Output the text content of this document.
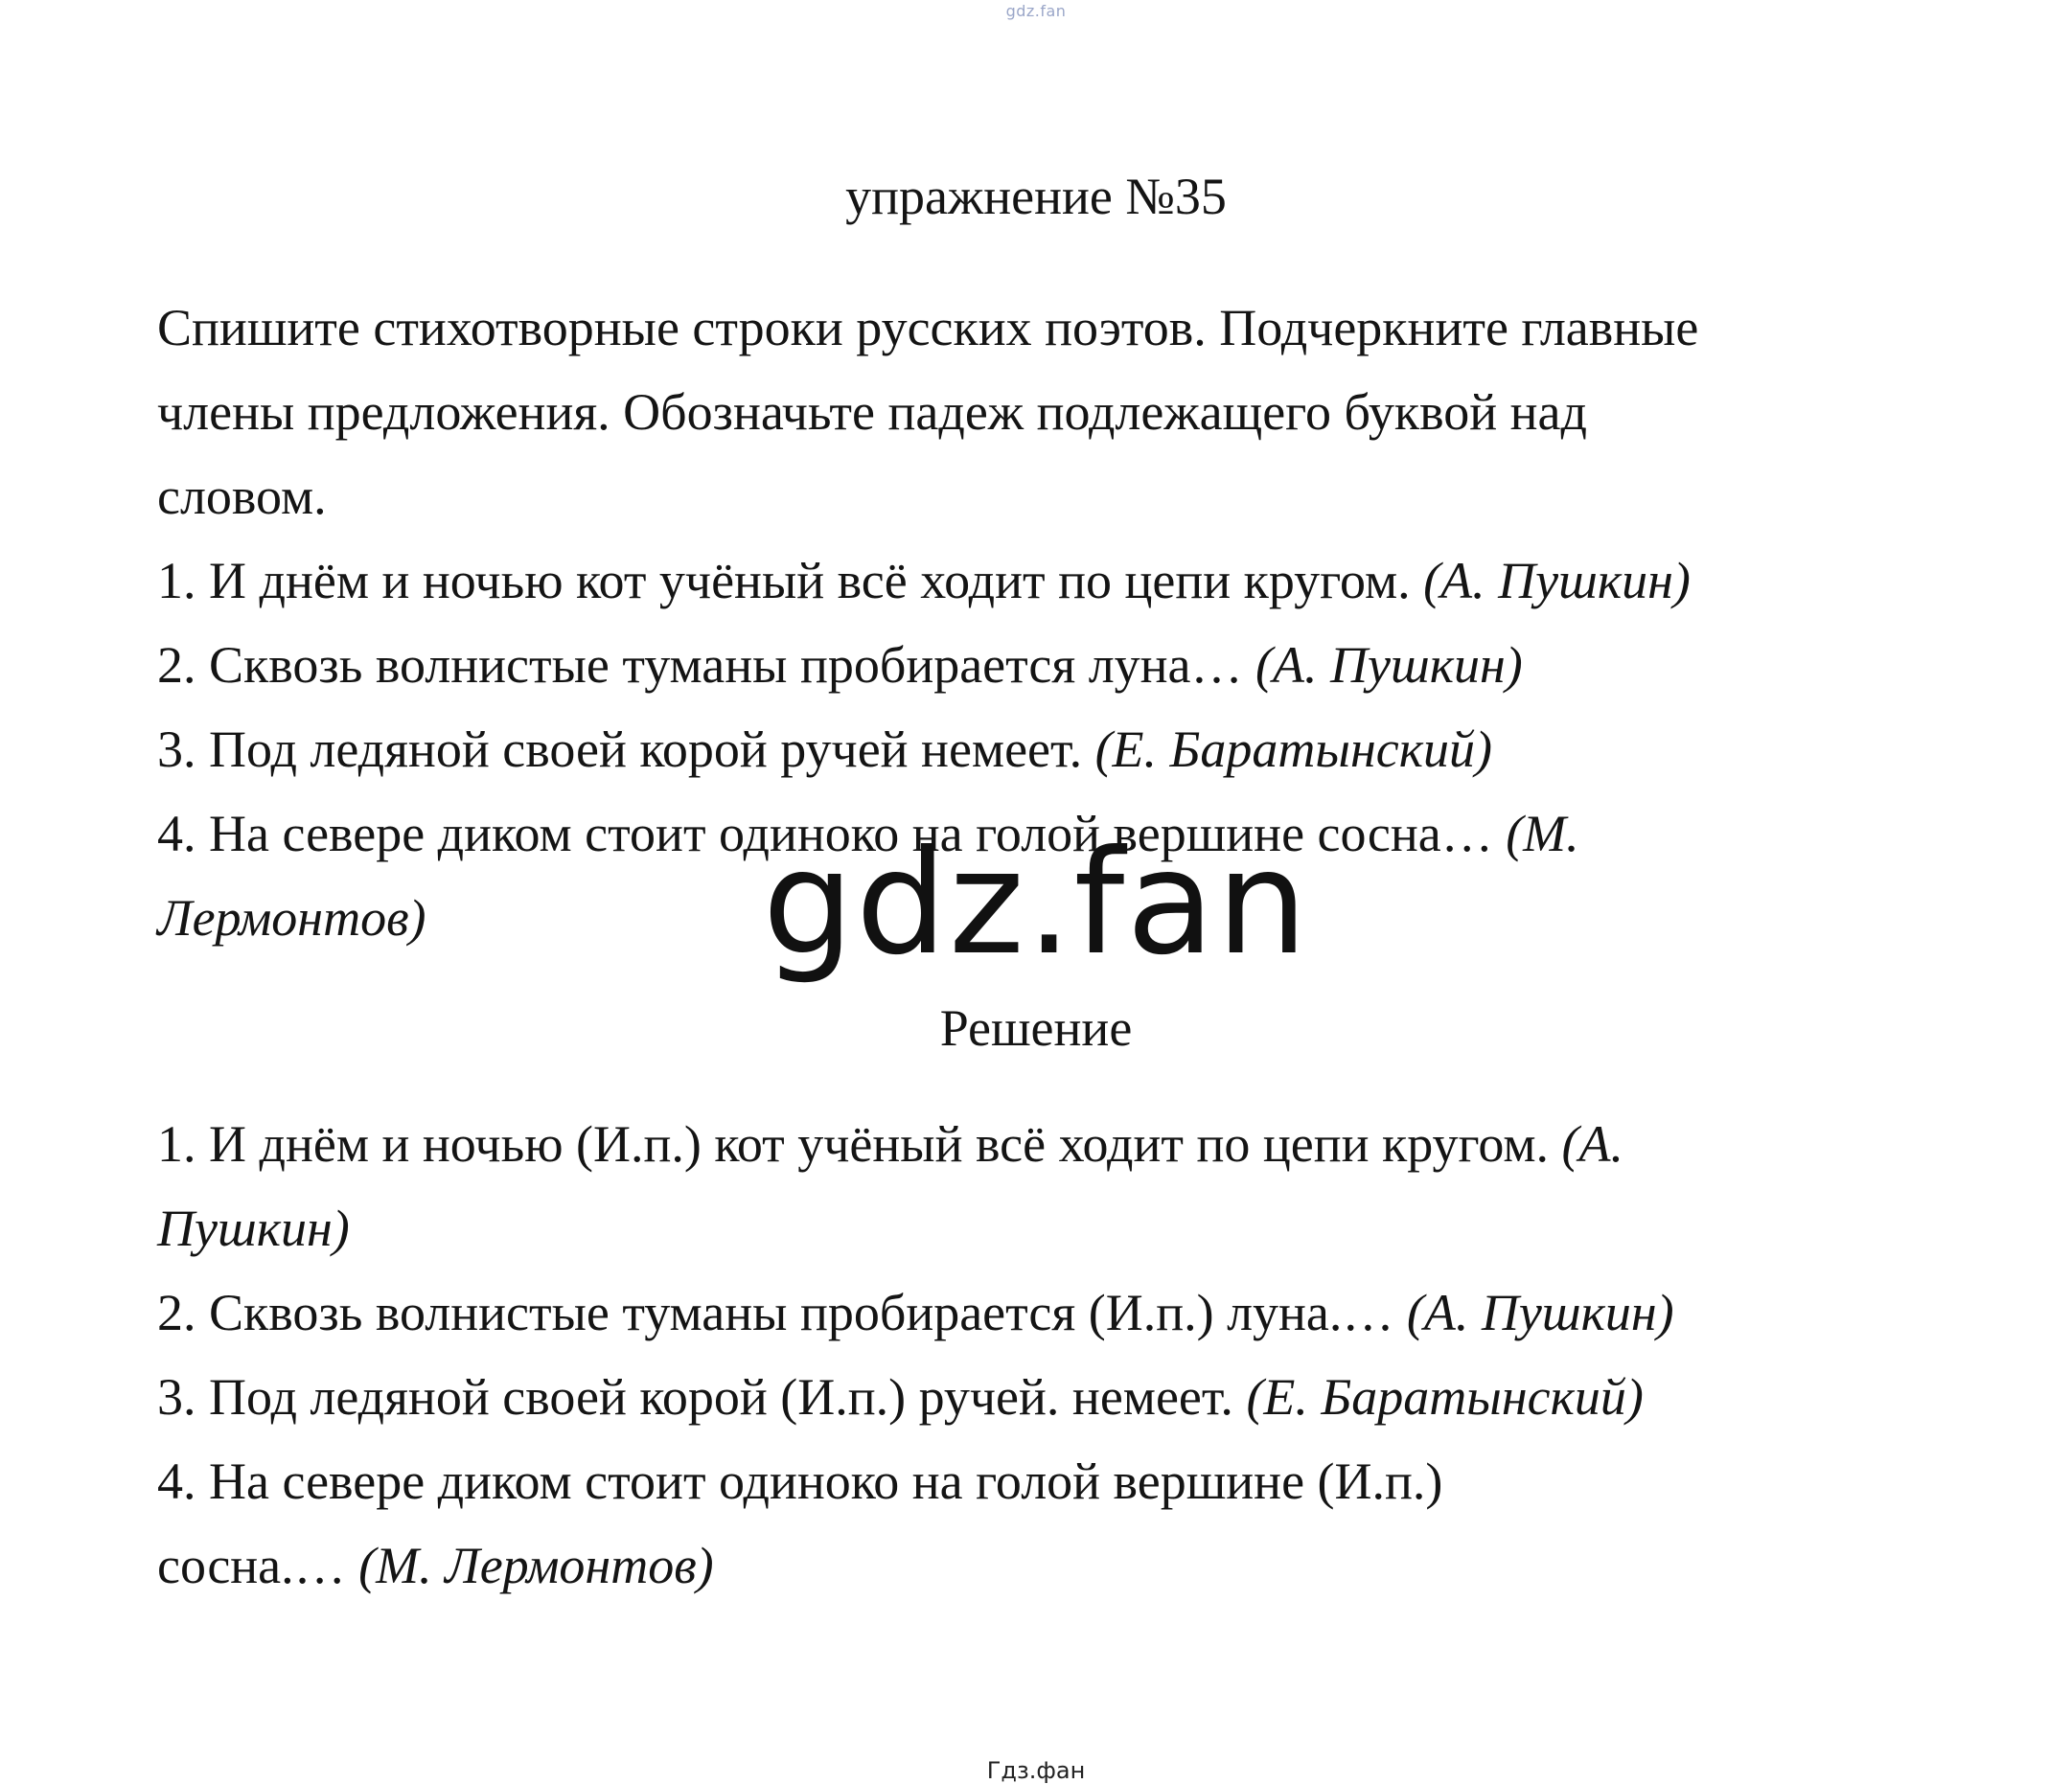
gdz.fan
упражнение №35

Спишите стихотворные строки русских поэтов. Подчеркните главные

члены предложения. Обозначьте падеж подлежащего буквой над

словом.

1. И днём и ночью кот учёный всё ходит по цепи кругом. (А. Пушкин)

2. Сквозь волнистые туманы пробирается луна… (А. Пушкин)

3. Под ледяной своей корой ручей немеет. (Е. Баратынский)

4. На севере диком стоит одиноко на голой вершине сосна… (М.

Лермонтов)	gdz.fan
Решение

1. И днём и ночью (И.п.) кот учёный всё ходит по цепи кругом. (А.

Пушкин)

2. Сквозь волнистые туманы пробирается (И.п.) луна.… (А. Пушкин)

3. Под ледяной своей корой (И.п.) ручей. немеет. (Е. Баратынский)

4. На севере диком стоит одиноко на голой вершине (И.п.)

сосна.… (М. Лермонтов)

Гдз.фан
